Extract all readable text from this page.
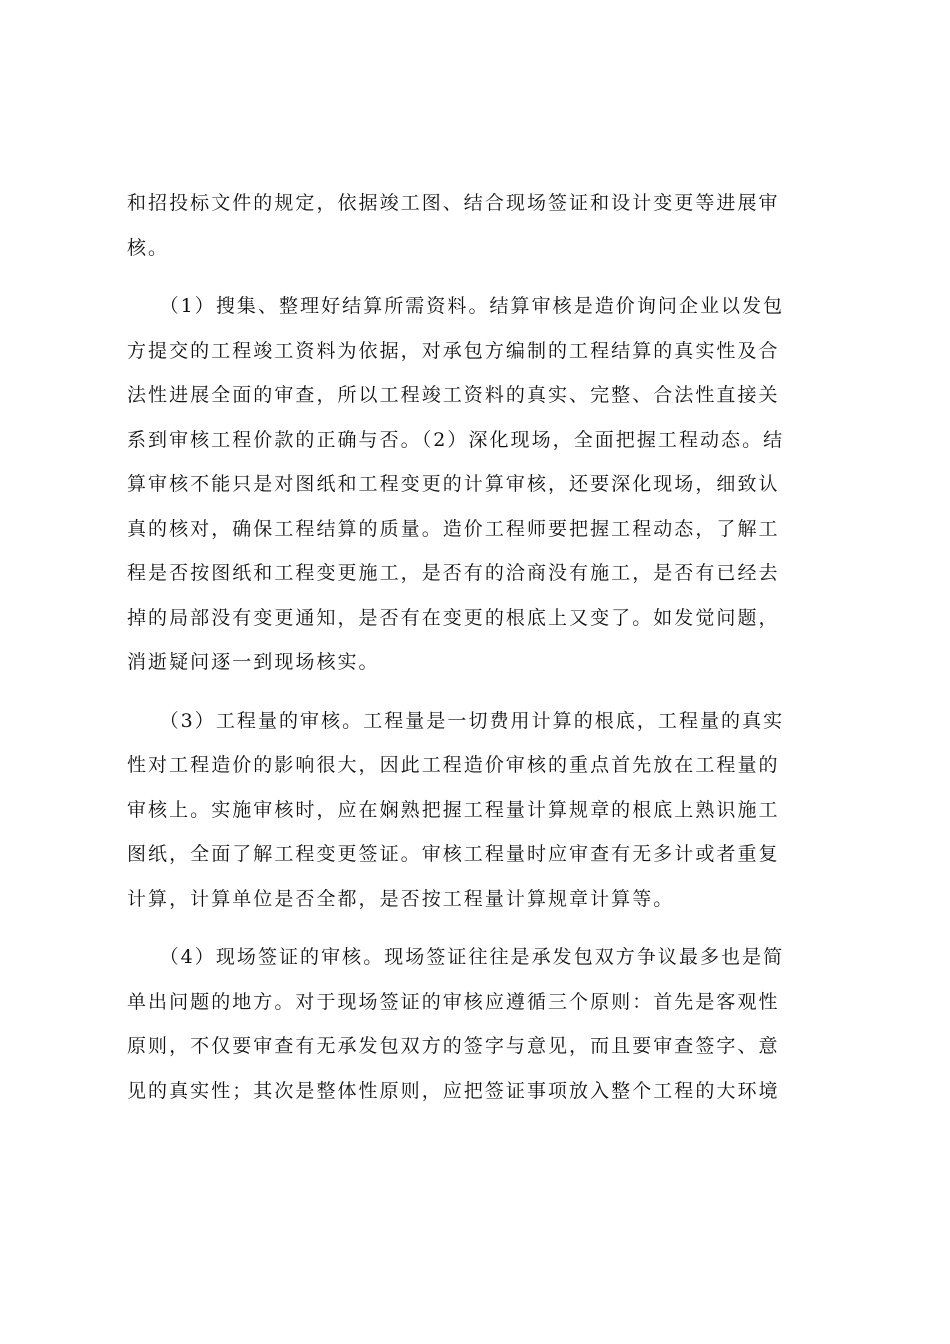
和招投标文件的规定，依据竣工图、结合现场签证和设计变更等进展审
核。

　　（1）搜集、整理好结算所需资料。结算审核是造价询问企业以发包
方提交的工程竣工资料为依据，对承包方编制的工程结算的真实性及合
法性进展全面的审查，所以工程竣工资料的真实、完整、合法性直接关
系到审核工程价款的正确与否。（2）深化现场，全面把握工程动态。结
算审核不能只是对图纸和工程变更的计算审核，还要深化现场，细致认
真的核对，确保工程结算的质量。造价工程师要把握工程动态，了解工
程是否按图纸和工程变更施工，是否有的洽商没有施工，是否有已经去
掉的局部没有变更通知，是否有在变更的根底上又变了。如发觉问题，
消逝疑问逐一到现场核实。

　　（3）工程量的审核。工程量是一切费用计算的根底，工程量的真实
性对工程造价的影响很大，因此工程造价审核的重点首先放在工程量的
审核上。实施审核时，应在娴熟把握工程量计算规章的根底上熟识施工
图纸，全面了解工程变更签证。审核工程量时应审查有无多计或者重复
计算，计算单位是否全都，是否按工程量计算规章计算等。

　　（4）现场签证的审核。现场签证往往是承发包双方争议最多也是简
单出问题的地方。对于现场签证的审核应遵循三个原则：首先是客观性
原则，不仅要审查有无承发包双方的签字与意见，而且要审查签字、意
见的真实性；其次是整体性原则，应把签证事项放入整个工程的大环境
